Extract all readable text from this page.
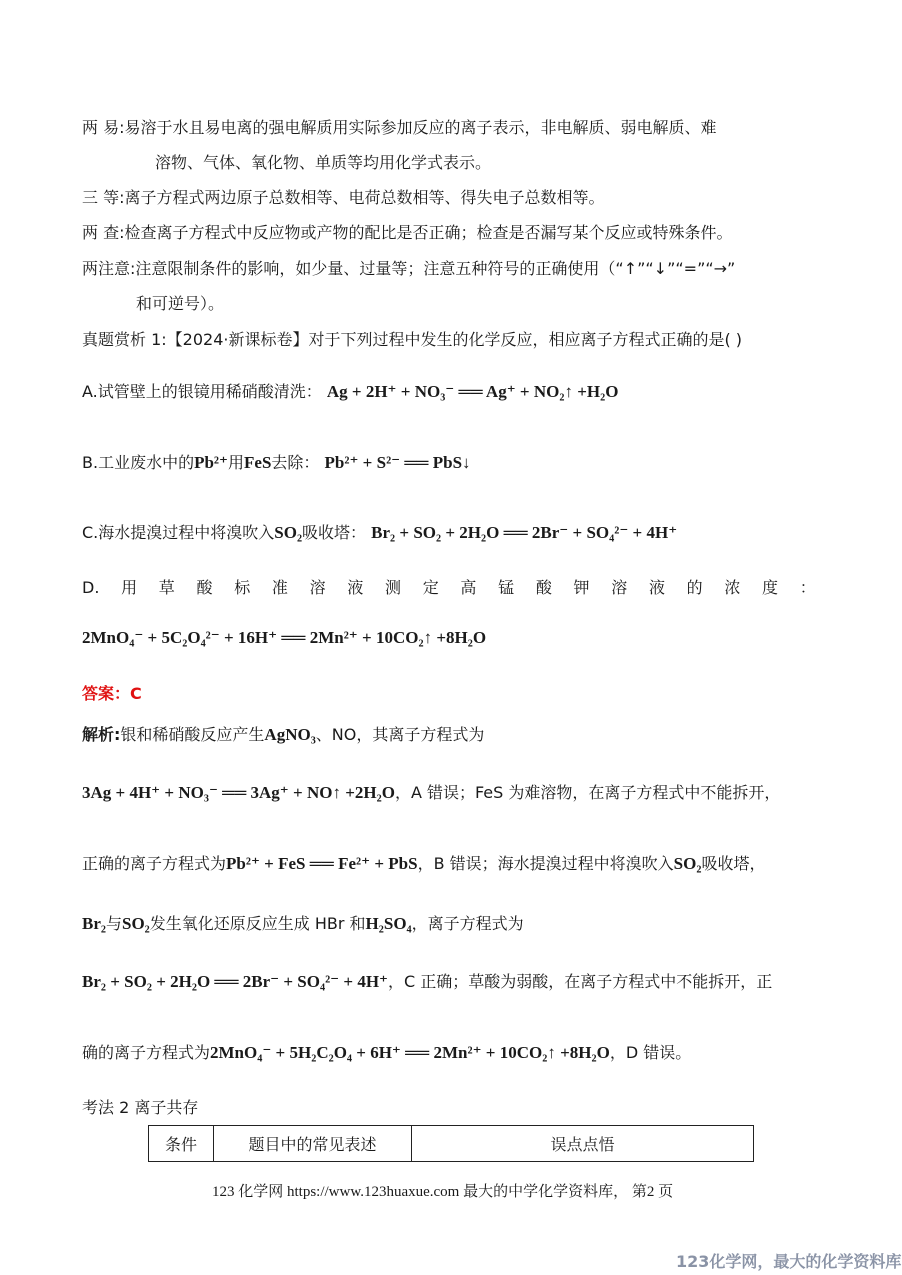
两 易:易溶于水且易电离的强电解质用实际参加反应的离子表示，非电解质、弱电解质、难
溶物、气体、氧化物、单质等均用化学式表示。
三 等:离子方程式两边原子总数相等、电荷总数相等、得失电子总数相等。
两 查:检查离子方程式中反应物或产物的配比是否正确；检查是否漏写某个反应或特殊条件。
两注意:注意限制条件的影响，如少量、过量等；注意五种符号的正确使用（“↑”“↓”“=”“→”
和可逆号）。
真题赏析 1:【2024·新课标卷】对于下列过程中发生的化学反应，相应离子方程式正确的是( )
A.试管壁上的银镜用稀硝酸清洗： Ag + 2H⁺ + NO₃⁻ ══ Ag⁺ + NO₂↑ +H₂O
B.工业废水中的Pb²⁺用FeS去除： Pb²⁺ + S²⁻ ══ PbS↓
C.海水提溴过程中将溴吹入SO₂吸收塔： Br₂ + SO₂ + 2H₂O ══ 2Br⁻ + SO₄²⁻ + 4H⁺
D. 用 草 酸 标 准 溶 液 测 定 高 锰 酸 钾 溶 液 的 浓 度 ：
2MnO₄⁻ + 5C₂O₄²⁻ + 16H⁺ ══ 2Mn²⁺ + 10CO₂↑ +8H₂O
答案：C
解析:银和稀硝酸反应产生AgNO₃、NO，其离子方程式为
3Ag + 4H⁺ + NO₃⁻ ══ 3Ag⁺ + NO↑ +2H₂O，A 错误；FeS 为难溶物，在离子方程式中不能拆开，
正确的离子方程式为Pb²⁺ + FeS ══ Fe²⁺ + PbS，B 错误；海水提溴过程中将溴吹入SO₂吸收塔，
Br₂与SO₂发生氧化还原反应生成 HBr 和H₂SO₄，离子方程式为
Br₂ + SO₂ + 2H₂O ══ 2Br⁻ + SO₄²⁻ + 4H⁺，C 正确；草酸为弱酸，在离子方程式中不能拆开，正
确的离子方程式为2MnO₄⁻ + 5H₂C₂O₄ + 6H⁺ ══ 2Mn²⁺ + 10CO₂↑ +8H₂O，D 错误。
考法 2 离子共存
条件	题目中的常见表述	误点点悟
123 化学网 https://www.123huaxue.com 最大的中学化学资料库， 第2 页
123化学网，最大的化学资料库
